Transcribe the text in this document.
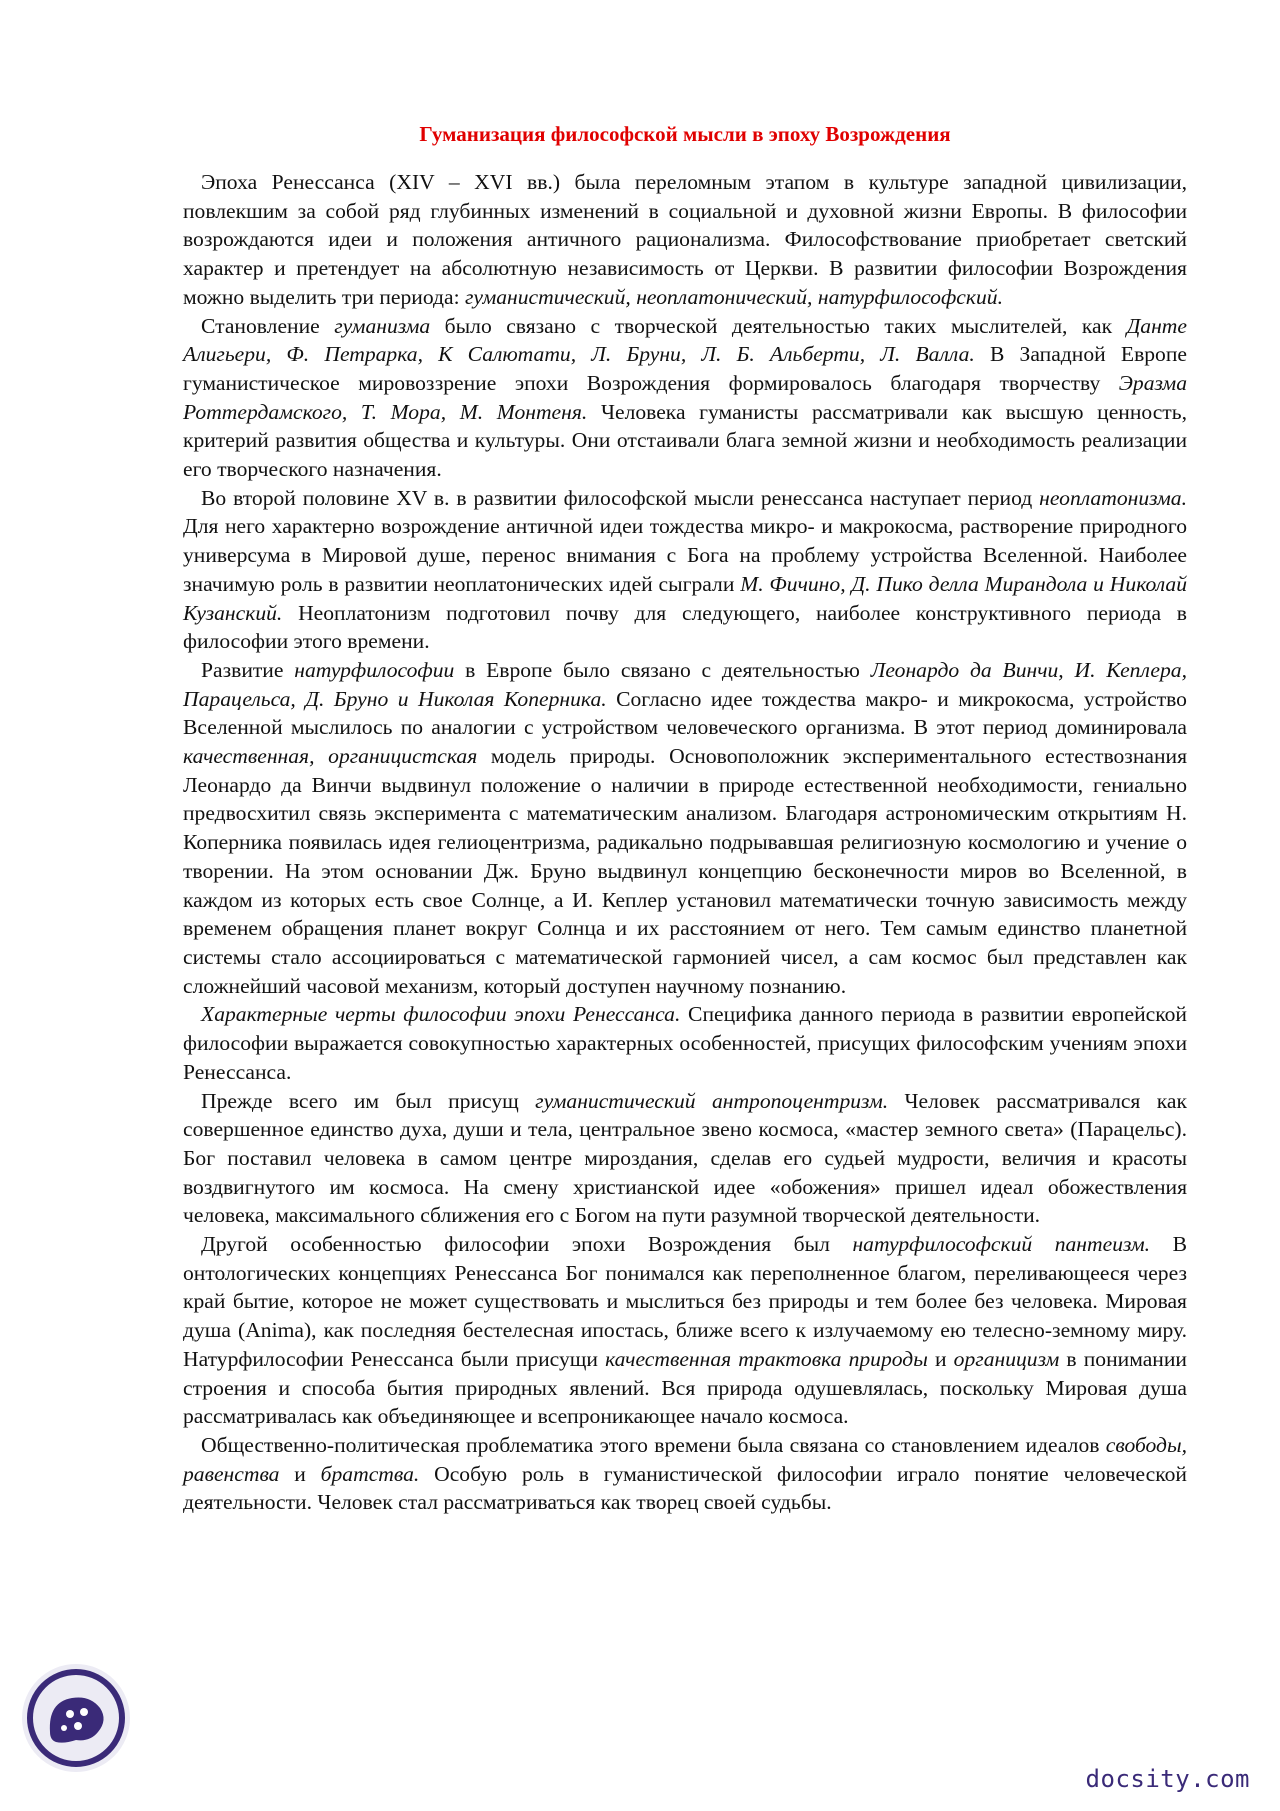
Гуманизация философской мысли в эпоху Возрождения

Эпоха Ренессанса (XIV – XVI вв.) была переломным этапом в культуре западной цивилизации, повлекшим за собой ряд глубинных изменений в социальной и духовной жизни Европы. В философии возрождаются идеи и положения античного рационализма. Философствование приобретает светский характер и претендует на абсолютную независимость от Церкви. В развитии философии Возрождения можно выделить три периода: гуманистический, неоплатонический, натурфилософский.

Становление гуманизма было связано с творческой деятельностью таких мыслителей, как Данте Алигьери, Ф. Петрарка, К Салютати, Л. Бруни, Л. Б. Альберти, Л. Валла. В Западной Европе гуманистическое мировоззрение эпохи Возрождения формировалось благодаря творчеству Эразма Роттердамского, Т. Мора, М. Монтеня. Человека гуманисты рассматривали как высшую ценность, критерий развития общества и культуры. Они отстаивали блага земной жизни и необходимость реализации его творческого назначения.

Во второй половине XV в. в развитии философской мысли ренессанса наступает период неоплатонизма. Для него характерно возрождение античной идеи тождества микро- и макрокосма, растворение природного универсума в Мировой душе, перенос внимания с Бога на проблему устройства Вселенной. Наиболее значимую роль в развитии неоплатонических идей сыграли М. Фичино, Д. Пико делла Мирандола и Николай Кузанский. Неоплатонизм подготовил почву для следующего, наиболее конструктивного периода в философии этого времени.

Развитие натурфилософии в Европе было связано с деятельностью Леонардо да Винчи, И. Кеплера, Парацельса, Д. Бруно и Николая Коперника. Согласно идее тождества макро- и микрокосма, устройство Вселенной мыслилось по аналогии с устройством человеческого организма. В этот период доминировала качественная, органицистская модель природы. Основоположник экспериментального естествознания Леонардо да Винчи выдвинул положение о наличии в природе естественной необходимости, гениально предвосхитил связь эксперимента с математическим анализом. Благодаря астрономическим открытиям Н. Коперника появилась идея гелиоцентризма, радикально подрывавшая религиозную космологию и учение о творении. На этом основании Дж. Бруно выдвинул концепцию бесконечности миров во Вселенной, в каждом из которых есть свое Солнце, а И. Кеплер установил математически точную зависимость между временем обращения планет вокруг Солнца и их расстоянием от него. Тем самым единство планетной системы стало ассоциироваться с математической гармонией чисел, а сам космос был представлен как сложнейший часовой механизм, который доступен научному познанию.

Характерные черты философии эпохи Ренессанса. Специфика данного периода в развитии европейской философии выражается совокупностью характерных особенностей, присущих философским учениям эпохи Ренессанса.

Прежде всего им был присущ гуманистический антропоцентризм. Человек рассматривался как совершенное единство духа, души и тела, центральное звено космоса, «мастер земного света» (Парацельс). Бог поставил человека в самом центре мироздания, сделав его судьей мудрости, величия и красоты воздвигнутого им космоса. На смену христианской идее «обожения» пришел идеал обожествления человека, максимального сближения его с Богом на пути разумной творческой деятельности.

Другой особенностью философии эпохи Возрождения был натурфилософский пантеизм. В онтологических концепциях Ренессанса Бог понимался как переполненное благом, переливающееся через край бытие, которое не может существовать и мыслиться без природы и тем более без человека. Мировая душа (Anima), как последняя бестелесная ипостась, ближе всего к излучаемому ею телесно-земному миру. Натурфилософии Ренессанса были присущи качественная трактовка природы и органицизм в понимании строения и способа бытия природных явлений. Вся природа одушевлялась, поскольку Мировая душа рассматривалась как объединяющее и всепроникающее начало космоса.

Общественно-политическая проблематика этого времени была связана со становлением идеалов свободы, равенства и братства. Особую роль в гуманистической философии играло понятие человеческой деятельности. Человек стал рассматриваться как творец своей судьбы.

docsity.com
